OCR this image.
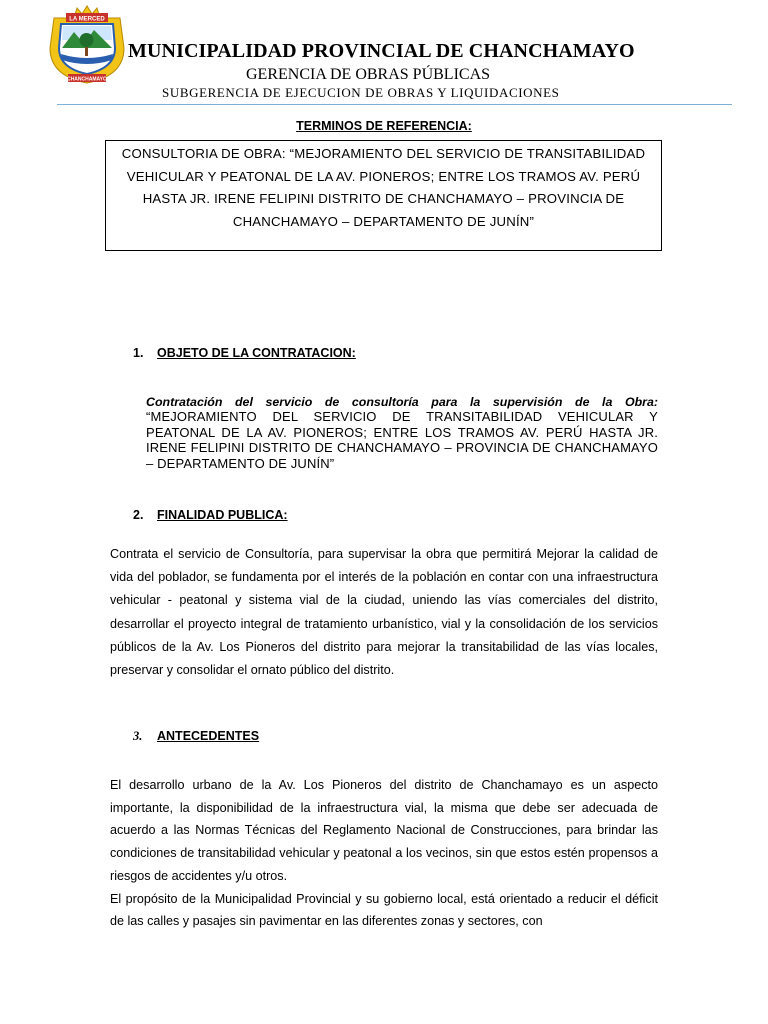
LA MERCED
CHANCHAMAYO
MUNICIPALIDAD PROVINCIAL DE CHANCHAMAYO
GERENCIA DE OBRAS PÚBLICAS
SUBGERENCIA DE EJECUCION DE OBRAS Y LIQUIDACIONES
TERMINOS DE REFERENCIA:
CONSULTORIA DE OBRA: “MEJORAMIENTO DEL SERVICIO DE TRANSITABILIDAD VEHICULAR Y PEATONAL DE LA AV. PIONEROS; ENTRE LOS TRAMOS AV. PERÚ HASTA JR. IRENE FELIPINI DISTRITO DE CHANCHAMAYO – PROVINCIA DE CHANCHAMAYO – DEPARTAMENTO DE JUNÍN”
1. OBJETO DE LA CONTRATACION:
Contratación del servicio de consultoría para la supervisión de la Obra:
“MEJORAMIENTO DEL SERVICIO DE TRANSITABILIDAD VEHICULAR Y PEATONAL DE LA AV. PIONEROS; ENTRE LOS TRAMOS AV. PERÚ HASTA JR. IRENE FELIPINI DISTRITO DE CHANCHAMAYO – PROVINCIA DE CHANCHAMAYO – DEPARTAMENTO DE JUNÍN”
2. FINALIDAD PUBLICA:
Contrata el servicio de Consultoría, para supervisar la obra que permitirá Mejorar la calidad de vida del poblador, se fundamenta por el interés de la población en contar con una infraestructura vehicular - peatonal y sistema vial de la ciudad, uniendo las vías comerciales del distrito, desarrollar el proyecto integral de tratamiento urbanístico, vial y la consolidación de los servicios públicos de la Av. Los Pioneros del distrito para mejorar la transitabilidad de las vías locales, preservar y consolidar el ornato público del distrito.
3. ANTECEDENTES

El desarrollo urbano de la Av. Los Pioneros del distrito de Chanchamayo es un aspecto importante, la disponibilidad de la infraestructura vial, la misma que debe ser adecuada de acuerdo a las Normas Técnicas del Reglamento Nacional de Construcciones, para brindar las condiciones de transitabilidad vehicular y peatonal a los vecinos, sin que estos estén propensos a riesgos de accidentes y/u otros.

El propósito de la Municipalidad Provincial y su gobierno local, está orientado a reducir el déficit de las calles y pasajes sin pavimentar en las diferentes zonas y sectores, con
